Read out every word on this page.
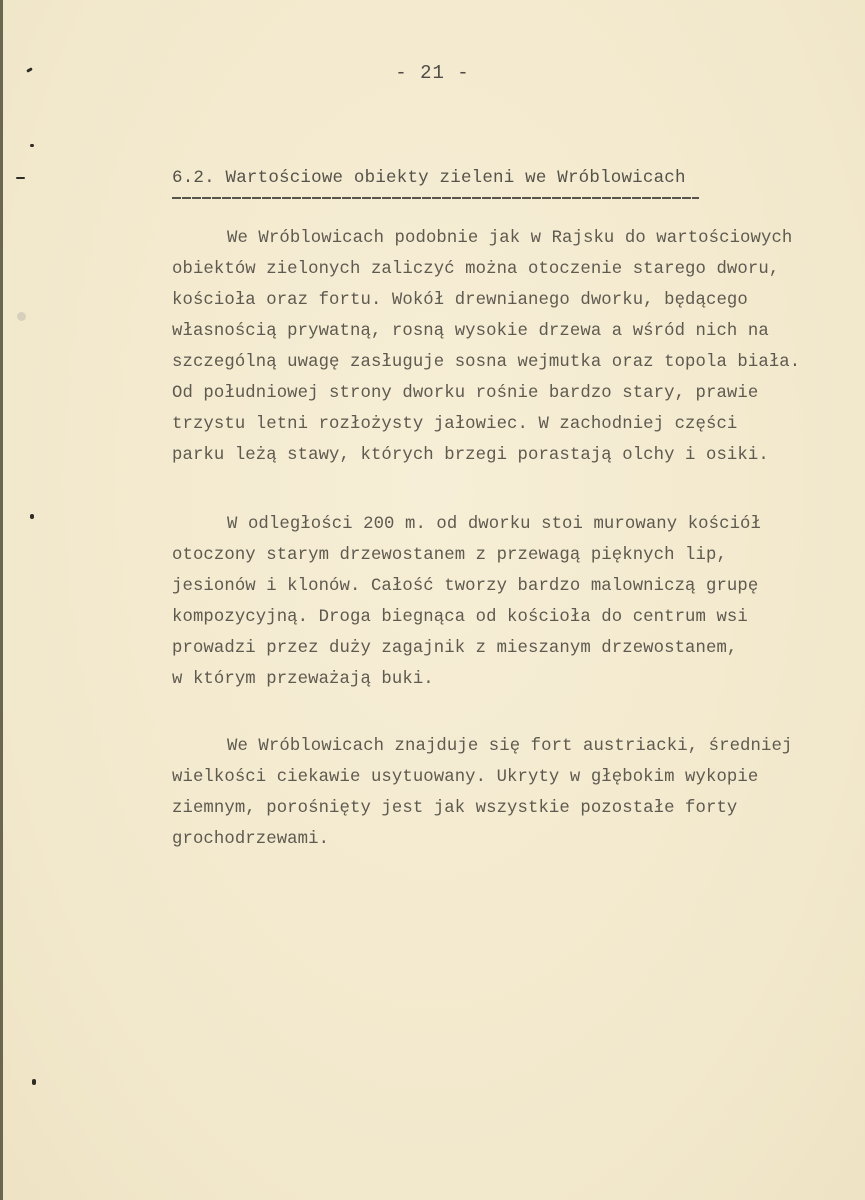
- 21 -
6.2. Wartościowe obiekty zieleni we Wróblowicach
We Wróblowicach podobnie jak w Rajsku do wartościowych
obiektów zielonych zaliczyć można otoczenie starego dworu,
kościoła oraz fortu. Wokół drewnianego dworku, będącego
własnością prywatną, rosną wysokie drzewa a wśród nich na
szczególną uwagę zasługuje sosna wejmutka oraz topola biała.
Od południowej strony dworku rośnie bardzo stary, prawie
trzystu letni rozłożysty jałowiec. W zachodniej części
parku leżą stawy, których brzegi porastają olchy i osiki.
W odległości 200 m. od dworku stoi murowany kościół
otoczony starym drzewostanem z przewagą pięknych lip,
jesionów i klonów. Całość tworzy bardzo malowniczą grupę
kompozycyjną. Droga biegnąca od kościoła do centrum wsi
prowadzi przez duży zagajnik z mieszanym drzewostanem,
w którym przeważają buki.
We Wróblowicach znajduje się fort austriacki, średniej
wielkości ciekawie usytuowany. Ukryty w głębokim wykopie
ziemnym, porośnięty jest jak wszystkie pozostałe forty
grochodrzewami.
